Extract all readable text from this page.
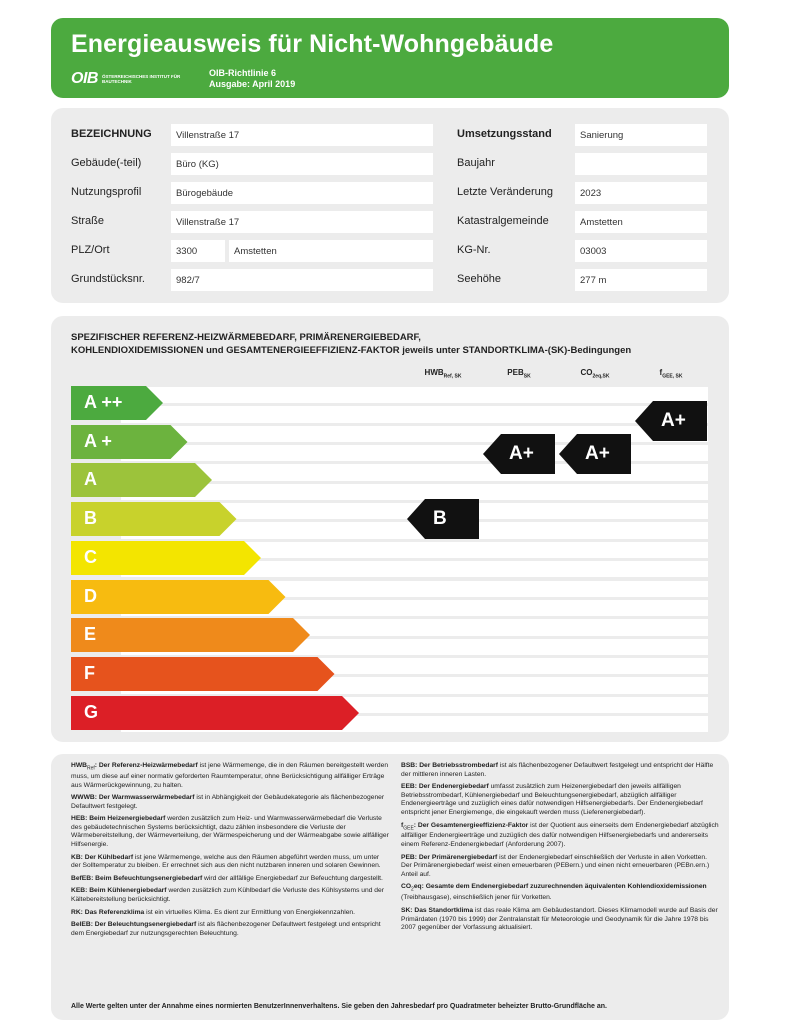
Energieausweis für Nicht-Wohngebäude
OIB ÖSTERREICHISCHES INSTITUT FÜR BAUTECHNIK
OIB-Richtlinie 6
Ausgabe: April 2019
BEZEICHNUNG	Villenstraße 17
Gebäude(-teil)	Büro (KG)
Nutzungsprofil	Bürogebäude
Straße	Villenstraße 17
PLZ/Ort	3300	Amstetten
Grundstücksnr.	982/7
Umsetzungsstand	Sanierung
Baujahr
Letzte Veränderung	2023
Katastralgemeinde	Amstetten
KG-Nr.	03003
Seehöhe	277 m
SPEZIFISCHER REFERENZ-HEIZWÄRMEBEDARF, PRIMÄRENERGIEBEDARF,
KOHLENDIOXIDEMISSIONEN und GESAMTENERGIEEFFIZIENZ-FAKTOR jeweils unter STANDORTKLIMA-(SK)-Bedingungen
$HWB_{Ref, SK}$	$PEB_{SK}$	$CO_{2eq,SK}$	$f_{GEE, SK}$
A ++
A +
A
B
C
D
E
F
G
B
A+	A+
A+

$HWB_{Ref}$: Der Referenz-Heizwärmebedarf ist jene Wärmemenge, die in den Räumen bereitgestellt werden muss, um diese auf einer normativ geforderten Raumtemperatur, ohne Berücksichtigung allfälliger Erträge aus Wärmerückgewinnung, zu halten.

WWWB: Der Warmwasserwärmebedarf ist in Abhängigkeit der Gebäudekategorie als flächenbezogener Defaultwert festgelegt.

HEB: Beim Heizenergiebedarf werden zusätzlich zum Heiz- und Warmwasserwärmebedarf die Verluste des gebäudetechnischen Systems berücksichtigt, dazu zählen insbesondere die Verluste der Wärmebereitstellung, der Wärmeverteilung, der Wärmespeicherung und der Wärmeabgabe sowie allfälliger Hilfsenergie.

KB: Der Kühlbedarf ist jene Wärmemenge, welche aus den Räumen abgeführt werden muss, um unter der Solltemperatur zu bleiben. Er errechnet sich aus den nicht nutzbaren inneren und solaren Gewinnen.

BefEB: Beim Befeuchtungsenergiebedarf wird der allfällige Energiebedarf zur Befeuchtung dargestellt.

KEB: Beim Kühlenergiebedarf werden zusätzlich zum Kühlbedarf die Verluste des Kühlsystems und der Kältebereitstellung berücksichtigt.

RK: Das Referenzklima ist ein virtuelles Klima. Es dient zur Ermittlung von Energiekennzahlen.

BelEB: Der Beleuchtungsenergiebedarf ist als flächenbezogener Defaultwert festgelegt und entspricht dem Energiebedarf zur nutzungsgerechten Beleuchtung.

BSB: Der Betriebsstrombedarf ist als flächenbezogener Defaultwert festgelegt und entspricht der Hälfte der mittleren inneren Lasten.

EEB: Der Endenergiebedarf umfasst zusätzlich zum Heizenergiebedarf den jeweils allfälligen Betriebsstrombedarf, Kühlenergiebedarf und Beleuchtungsenergiebedarf, abzüglich allfälliger Endenergieerträge und zuzüglich eines dafür notwendigen Hilfsenergiebedarfs. Der Endenergiebedarf entspricht jener Energiemenge, die eingekauft werden muss (Lieferenergiebedarf).

$f_{GEE}$: Der Gesamtenergieeffizienz-Faktor ist der Quotient aus einerseits dem Endenergiebedarf abzüglich allfälliger Endenergieerträge und zuzüglich des dafür notwendigen Hilfsenergiebedarfs und andererseits einem Referenz-Endenergiebedarf (Anforderung 2007).

PEB: Der Primärenergiebedarf ist der Endenergiebedarf einschließlich der Verluste in allen Vorketten. Der Primärenergiebedarf weist einen erneuerbaren (PEBern.) und einen nicht erneuerbaren (PEBn.ern.) Anteil auf.

$CO_2eq$: Gesamte dem Endenergiebedarf zuzurechnenden äquivalenten Kohlendioxidemissionen (Treibhausgase), einschließlich jener für Vorketten.

SK: Das Standortklima ist das reale Klima am Gebäudestandort. Dieses Klimamodell wurde auf Basis der Primärdaten (1970 bis 1999) der Zentralanstalt für Meteorologie und Geodynamik für die Jahre 1978 bis 2007 gegenüber der Vorfassung aktualisiert.

Alle Werte gelten unter der Annahme eines normierten BenutzerInnenverhaltens. Sie geben den Jahresbedarf pro Quadratmeter beheizter Brutto-Grundfläche an.
